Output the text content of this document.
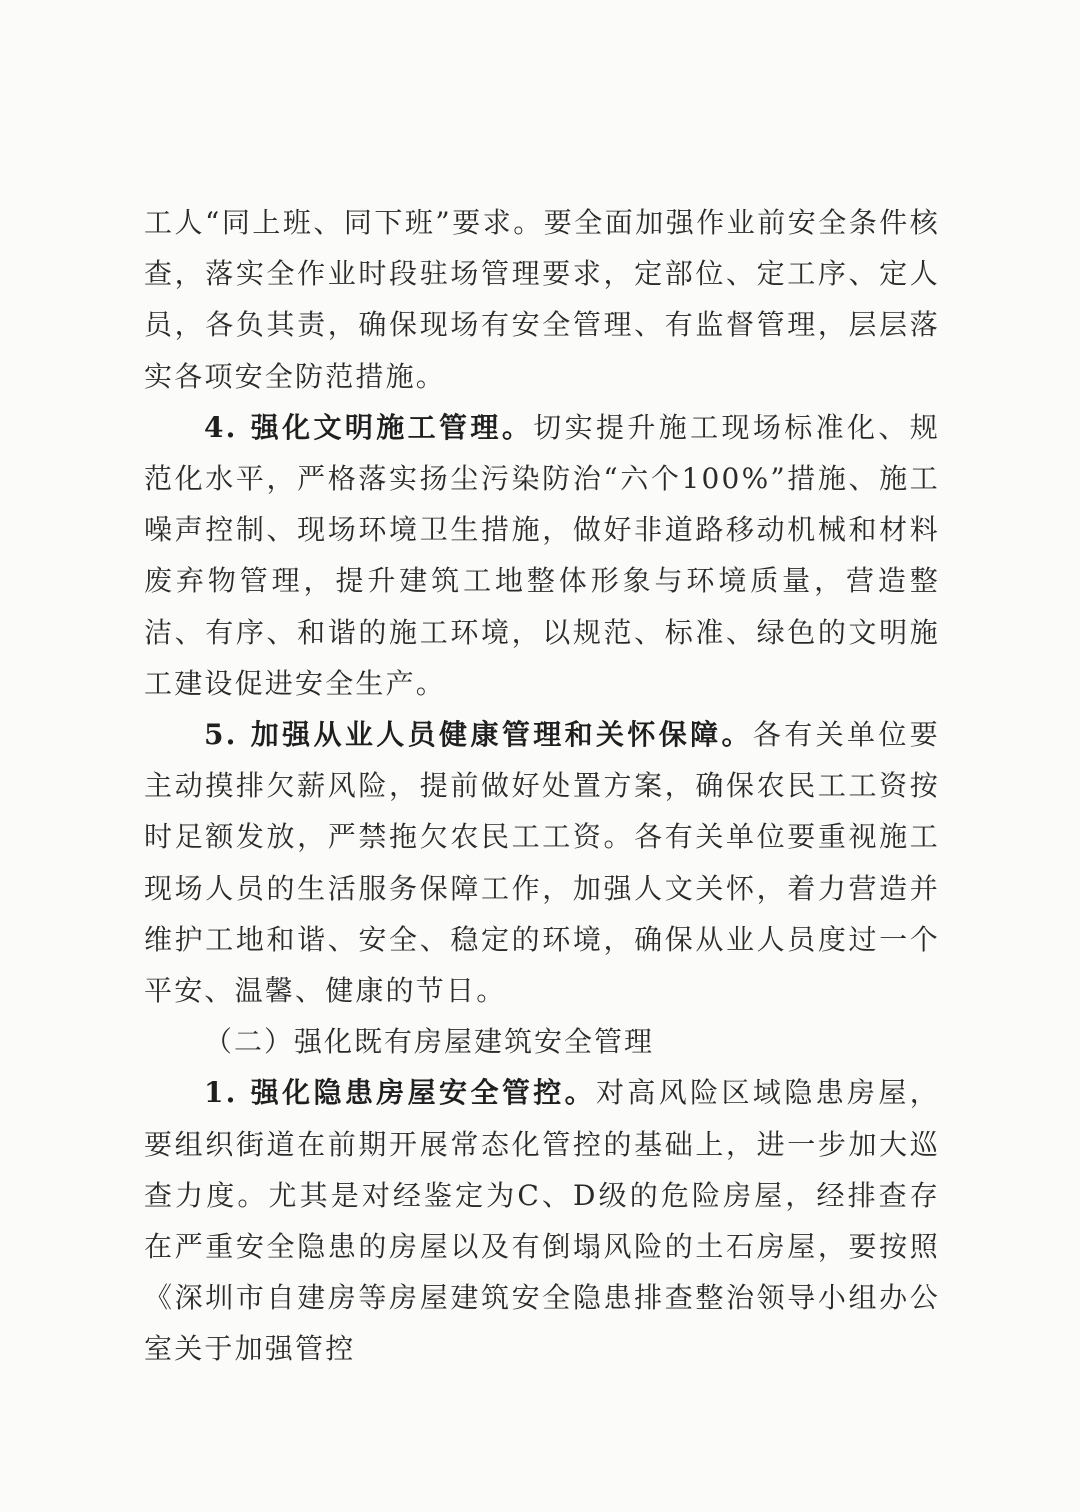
工人“同上班、同下班”要求。要全面加强作业前安全条件核查，落实全作业时段驻场管理要求，定部位、定工序、定人员，各负其责，确保现场有安全管理、有监督管理，层层落实各项安全防范措施。

4. 强化文明施工管理。切实提升施工现场标准化、规范化水平，严格落实扬尘污染防治“六个100%”措施、施工噪声控制、现场环境卫生措施，做好非道路移动机械和材料废弃物管理，提升建筑工地整体形象与环境质量，营造整洁、有序、和谐的施工环境，以规范、标准、绿色的文明施工建设促进安全生产。

5. 加强从业人员健康管理和关怀保障。各有关单位要主动摸排欠薪风险，提前做好处置方案，确保农民工工资按时足额发放，严禁拖欠农民工工资。各有关单位要重视施工现场人员的生活服务保障工作，加强人文关怀，着力营造并维护工地和谐、安全、稳定的环境，确保从业人员度过一个平安、温馨、健康的节日。

（二）强化既有房屋建筑安全管理

1. 强化隐患房屋安全管控。对高风险区域隐患房屋，要组织街道在前期开展常态化管控的基础上，进一步加大巡查力度。尤其是对经鉴定为C、D级的危险房屋，经排查存在严重安全隐患的房屋以及有倒塌风险的土石房屋，要按照《深圳市自建房等房屋建筑安全隐患排查整治领导小组办公室关于加强管控
